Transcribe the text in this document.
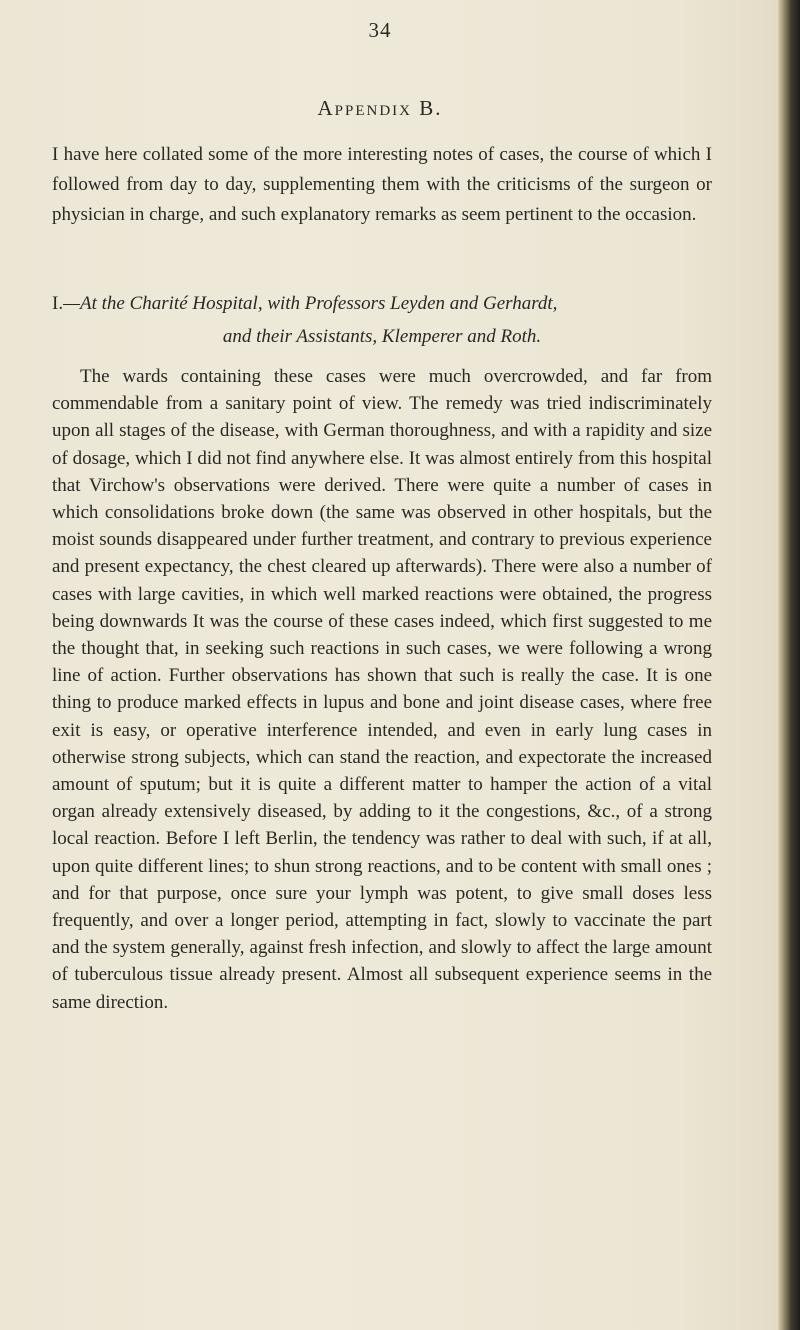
34
Appendix B.

I have here collated some of the more interesting notes of cases, the course of which I followed from day to day, supplementing them with the criticisms of the surgeon or physician in charge, and such explanatory remarks as seem pertinent to the occasion.

I.—At the Charité Hospital, with Professors Leyden and Gerhardt,
and their Assistants, Klemperer and Roth.

The wards containing these cases were much overcrowded, and far from commendable from a sanitary point of view. The remedy was tried indiscriminately upon all stages of the disease, with German thoroughness, and with a rapidity and size of dosage, which I did not find anywhere else. It was almost entirely from this hospital that Virchow's observations were derived. There were quite a number of cases in which consolidations broke down (the same was observed in other hospitals, but the moist sounds disappeared under further treatment, and contrary to previous experience and present expectancy, the chest cleared up afterwards). There were also a number of cases with large cavities, in which well marked reactions were obtained, the progress being downwards It was the course of these cases indeed, which first suggested to me the thought that, in seeking such reactions in such cases, we were following a wrong line of action. Further observations has shown that such is really the case. It is one thing to produce marked effects in lupus and bone and joint disease cases, where free exit is easy, or operative interference intended, and even in early lung cases in otherwise strong subjects, which can stand the reaction, and expectorate the increased amount of sputum; but it is quite a different matter to hamper the action of a vital organ already extensively diseased, by adding to it the congestions, &c., of a strong local reaction. Before I left Berlin, the tendency was rather to deal with such, if at all, upon quite different lines; to shun strong reactions, and to be content with small ones ; and for that purpose, once sure your lymph was potent, to give small doses less frequently, and over a longer period, attempting in fact, slowly to vaccinate the part and the system generally, against fresh infection, and slowly to affect the large amount of tuberculous tissue already present. Almost all subsequent experience seems in the same direction.
